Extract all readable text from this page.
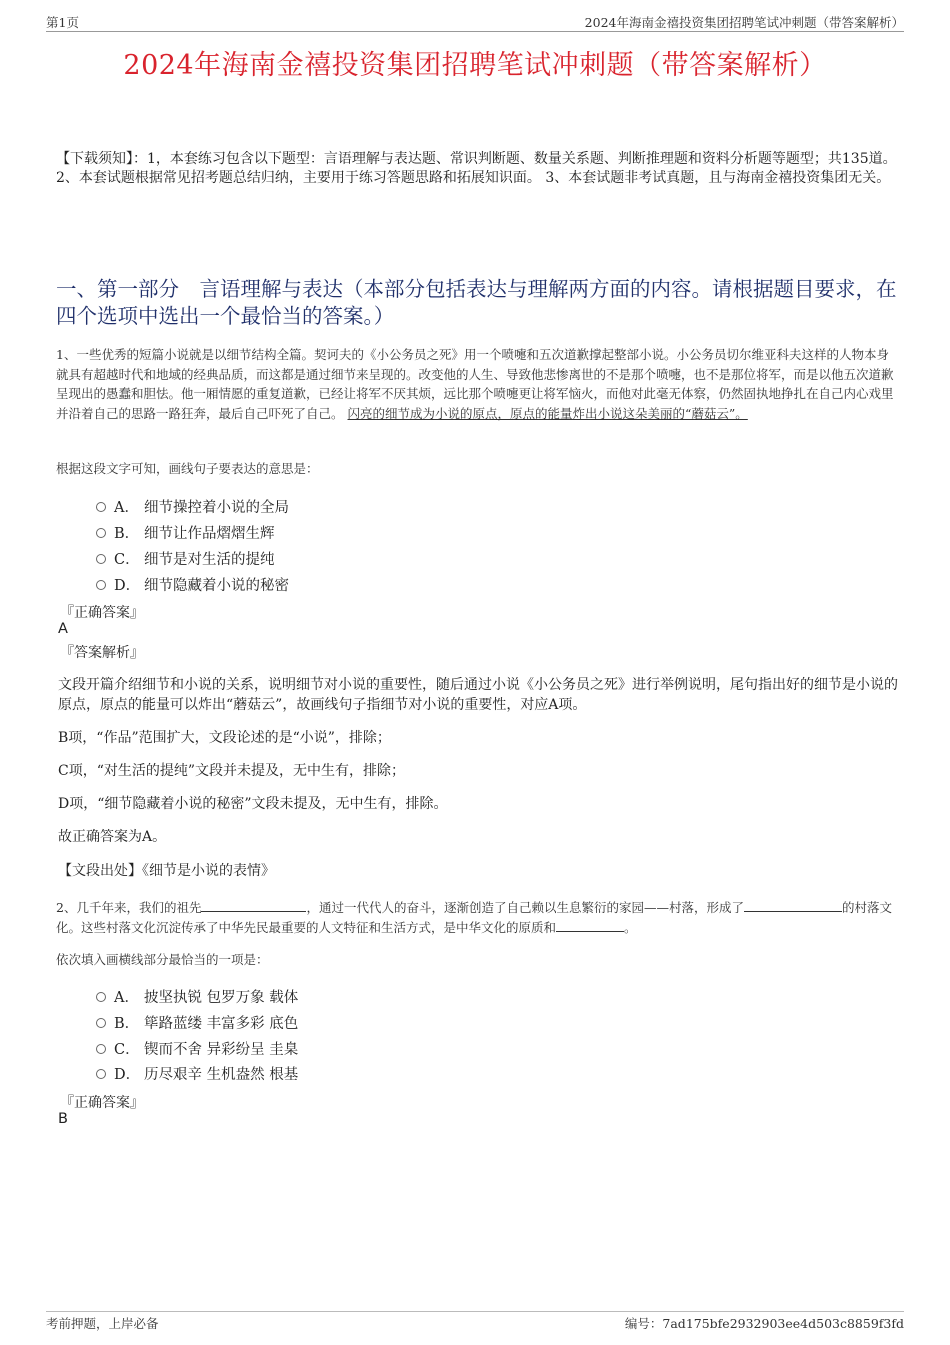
第1页	2024年海南金禧投资集团招聘笔试冲刺题（带答案解析）
2024年海南金禧投资集团招聘笔试冲刺题（带答案解析）
【下载须知】：1，本套练习包含以下题型：言语理解与表达题、常识判断题、数量关系题、判断推理题和资料分析题等题型；共135道。 2、本套试题根据常见招考题总结归纳，主要用于练习答题思路和拓展知识面。 3、本套试题非考试真题，且与海南金禧投资集团无关。
一、第一部分　言语理解与表达（本部分包括表达与理解两方面的内容。请根据题目要求，在四个选项中选出一个最恰当的答案。）
1、一些优秀的短篇小说就是以细节结构全篇。契诃夫的《小公务员之死》用一个喷嚏和五次道歉撑起整部小说。小公务员切尔维亚科夫这样的人物本身就具有超越时代和地域的经典品质，而这都是通过细节来呈现的。改变他的人生、导致他悲惨离世的不是那个喷嚏，也不是那位将军，而是以他五次道歉呈现出的愚蠢和胆怯。他一厢情愿的重复道歉，已经让将军不厌其烦，远比那个喷嚏更让将军恼火，而他对此毫无体察，仍然固执地挣扎在自己内心戏里并沿着自己的思路一路狂奔，最后自己吓死了自己。 闪亮的细节成为小说的原点，原点的能量炸出小说这朵美丽的“蘑菇云”。
根据这段文字可知，画线句子要表达的意思是：
A． 细节操控着小说的全局
B． 细节让作品熠熠生辉
C． 细节是对生活的提纯
D． 细节隐藏着小说的秘密
『正确答案』
A
『答案解析』
文段开篇介绍细节和小说的关系，说明细节对小说的重要性，随后通过小说《小公务员之死》进行举例说明，尾句指出好的细节是小说的原点，原点的能量可以炸出“蘑菇云”，故画线句子指细节对小说的重要性，对应A项。
B项，“作品”范围扩大，文段论述的是“小说”，排除；
C项，“对生活的提纯”文段并未提及，无中生有，排除；
D项，“细节隐藏着小说的秘密”文段未提及，无中生有，排除。
故正确答案为A。
【文段出处】《细节是小说的表情》
2、几千年来，我们的祖先	，通过一代代人的奋斗，逐渐创造了自己赖以生息繁衍的家园——村落，形成了	的村落文化。这些村落文化沉淀传承了中华先民最重要的人文特征和生活方式，是中华文化的原质和	。
依次填入画横线部分最恰当的一项是：
A． 披坚执锐 包罗万象 载体
B． 筚路蓝缕 丰富多彩 底色
C． 锲而不舍 异彩纷呈 圭臬
D． 历尽艰辛 生机盎然 根基
『正确答案』
B
考前押题，上岸必备	编号：7ad175bfe2932903ee4d503c8859f3fd
